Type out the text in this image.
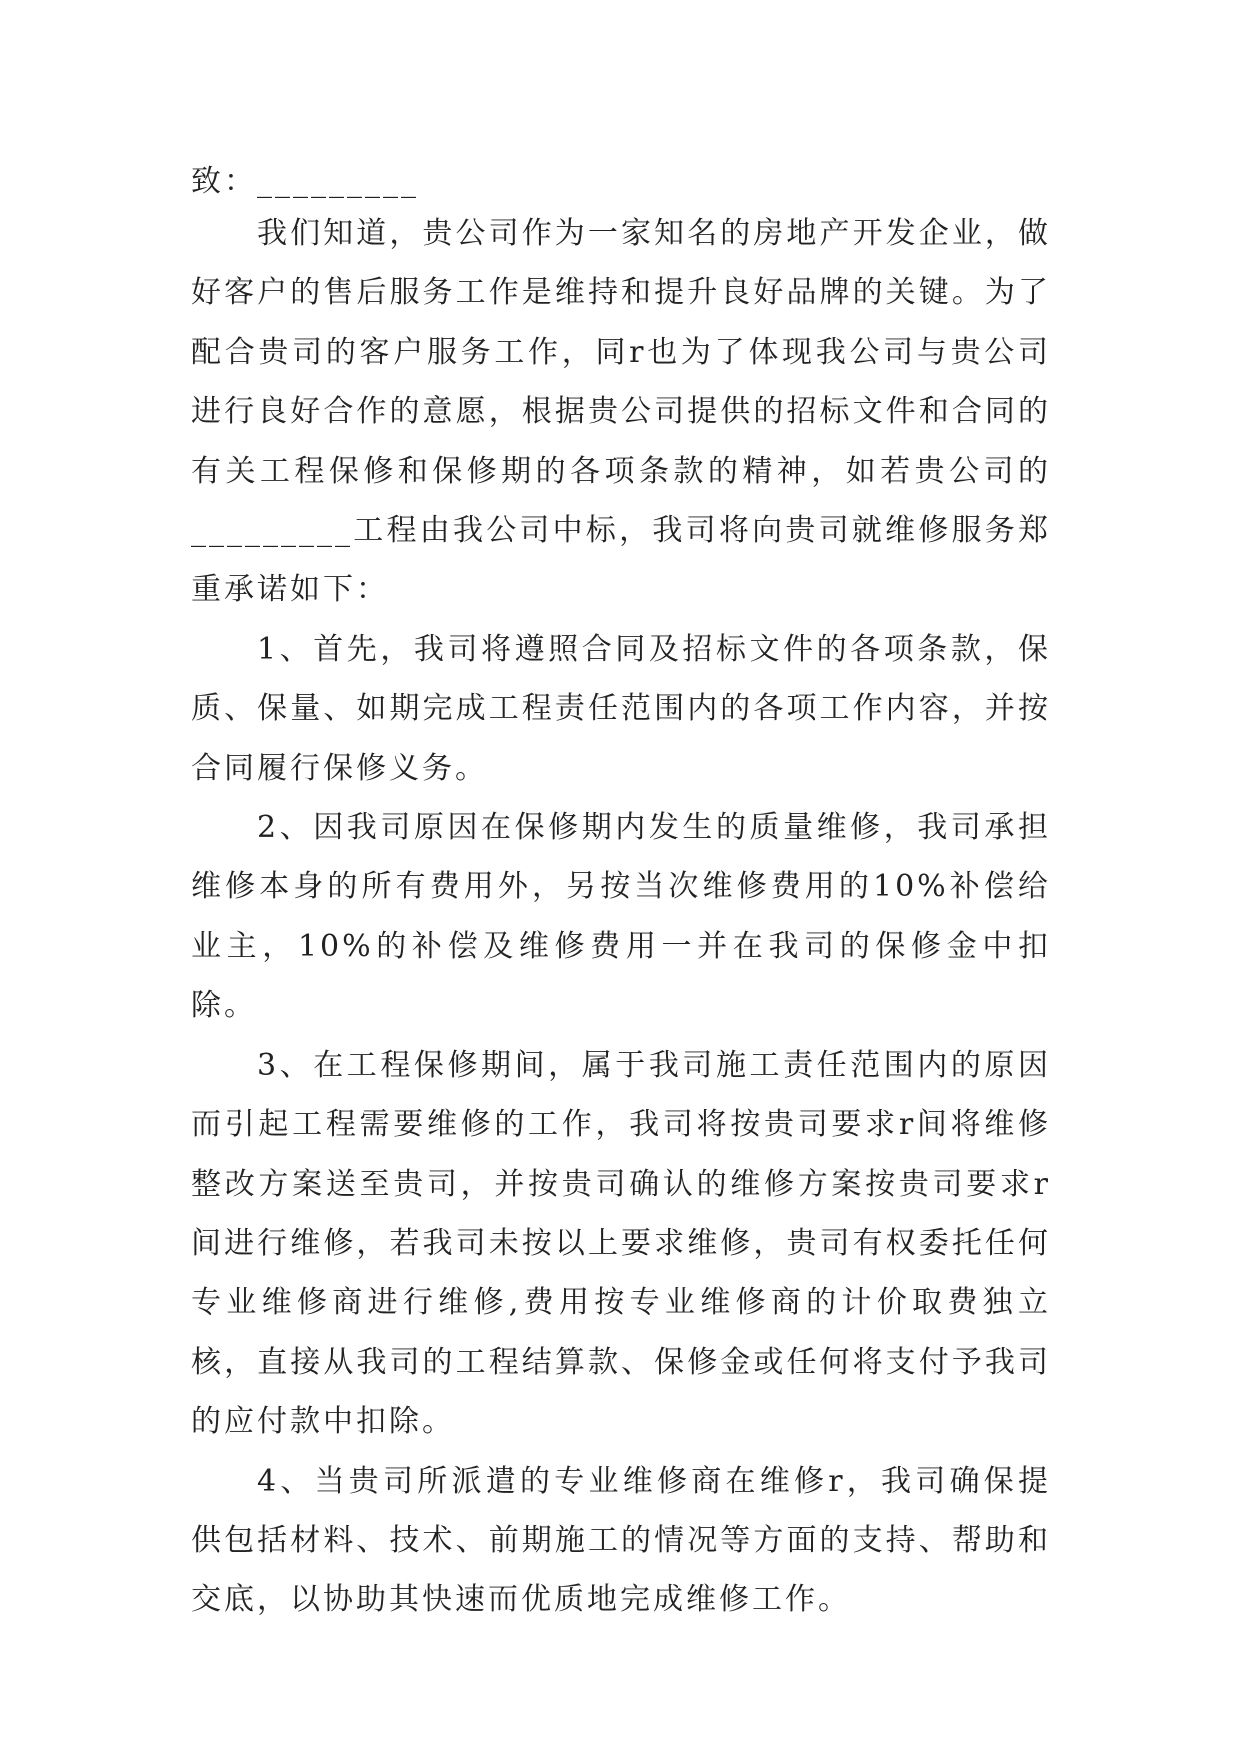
致：_________

我们知道，贵公司作为一家知名的房地产开发企业，做好客户的售后服务工作是维持和提升良好品牌的关键。为了配合贵司的客户服务工作，同r也为了体现我公司与贵公司进行良好合作的意愿，根据贵公司提供的招标文件和合同的有关工程保修和保修期的各项条款的精神，如若贵公司的_________工程由我公司中标，我司将向贵司就维修服务郑重承诺如下：

1、首先，我司将遵照合同及招标文件的各项条款，保质、保量、如期完成工程责任范围内的各项工作内容，并按合同履行保修义务。

2、因我司原因在保修期内发生的质量维修，我司承担维修本身的所有费用外，另按当次维修费用的10%补偿给业主，10%的补偿及维修费用一并在我司的保修金中扣除。

3、在工程保修期间，属于我司施工责任范围内的原因而引起工程需要维修的工作，我司将按贵司要求r间将维修整改方案送至贵司，并按贵司确认的维修方案按贵司要求r间进行维修，若我司未按以上要求维修，贵司有权委托任何专业维修商进行维修,费用按专业维修商的计价取费独立核，直接从我司的工程结算款、保修金或任何将支付予我司的应付款中扣除。

4、当贵司所派遣的专业维修商在维修r，我司确保提供包括材料、技术、前期施工的情况等方面的支持、帮助和交底，以协助其快速而优质地完成维修工作。
